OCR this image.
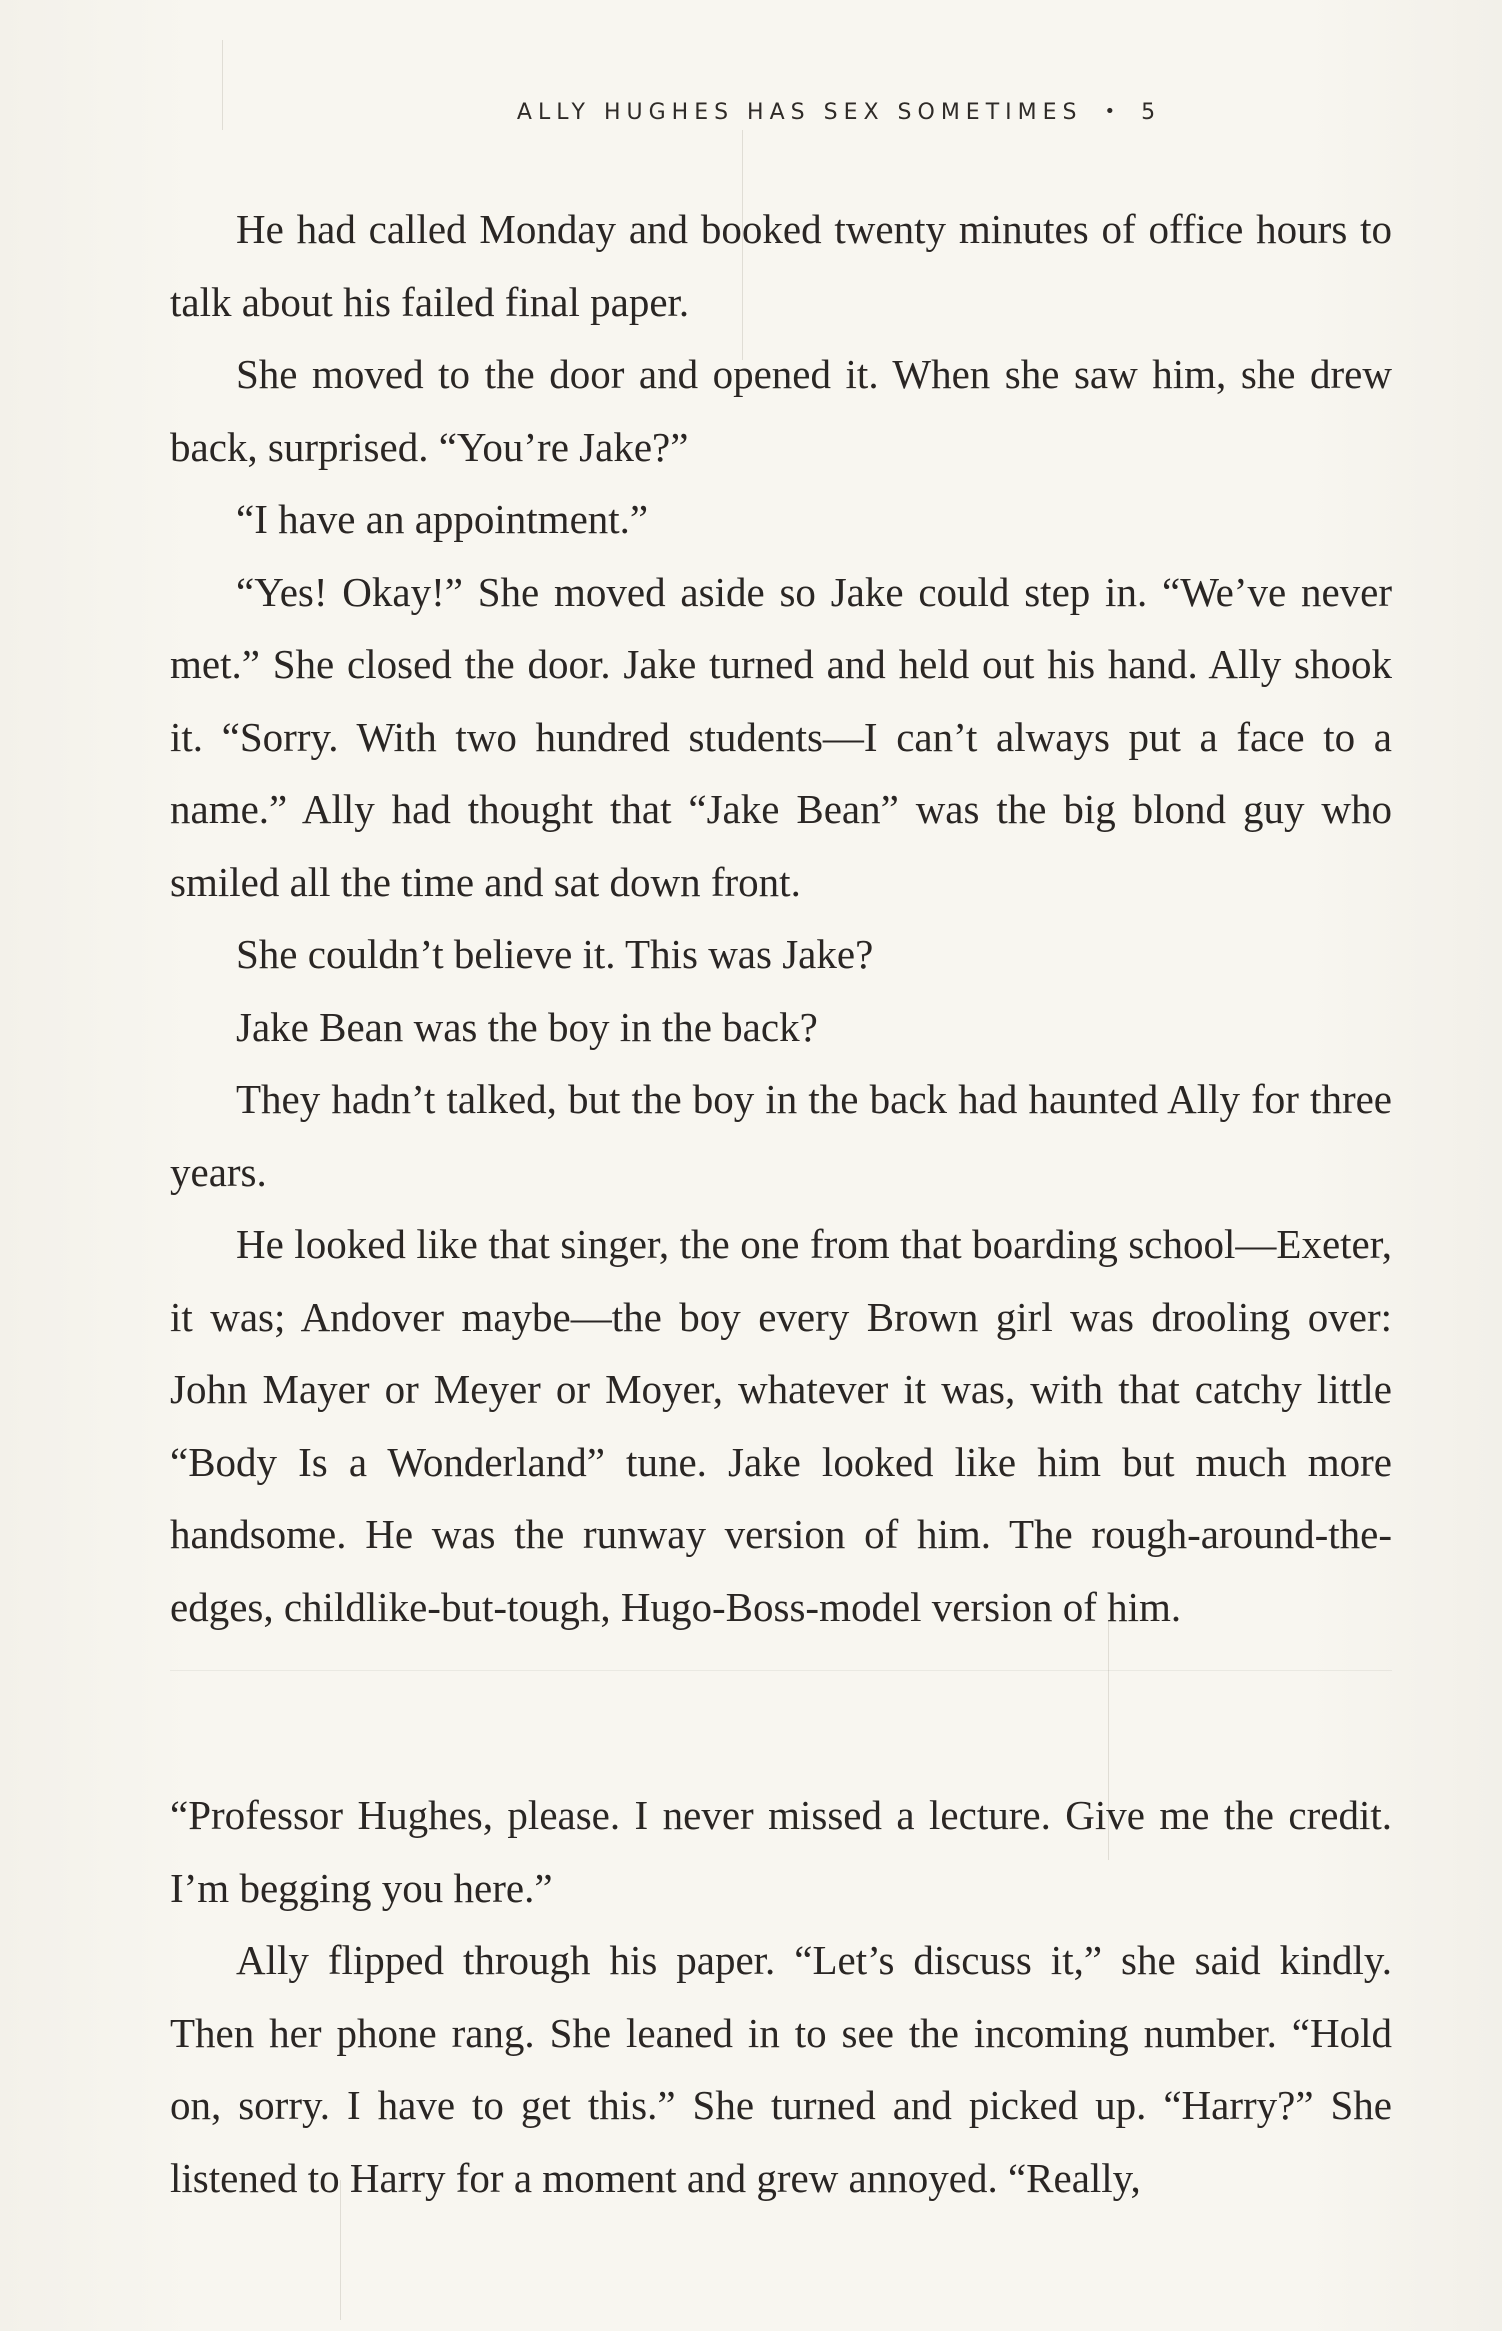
ALLY HUGHES HAS SEX SOMETIMES • 5

He had called Monday and booked twenty minutes of office hours to talk about his failed final paper.

She moved to the door and opened it. When she saw him, she drew back, surprised. “You’re Jake?”

“I have an appointment.”

“Yes! Okay!” She moved aside so Jake could step in. “We’ve never met.” She closed the door. Jake turned and held out his hand. Ally shook it. “Sorry. With two hundred students—I can’t always put a face to a name.” Ally had thought that “Jake Bean” was the big blond guy who smiled all the time and sat down front.

She couldn’t believe it. This was Jake?

Jake Bean was the boy in the back?

They hadn’t talked, but the boy in the back had haunted Ally for three years.

He looked like that singer, the one from that boarding school—Exeter, it was; Andover maybe—the boy every Brown girl was drooling over: John Mayer or Meyer or Moyer, whatever it was, with that catchy little “Body Is a Wonderland” tune. Jake looked like him but much more handsome. He was the runway version of him. The rough-around-the-edges, childlike-but-tough, Hugo-Boss-model version of him.

“Professor Hughes, please. I never missed a lecture. Give me the credit. I’m begging you here.”

Ally flipped through his paper. “Let’s discuss it,” she said kindly. Then her phone rang. She leaned in to see the incoming number. “Hold on, sorry. I have to get this.” She turned and picked up. “Harry?” She listened to Harry for a moment and grew annoyed. “Really,
